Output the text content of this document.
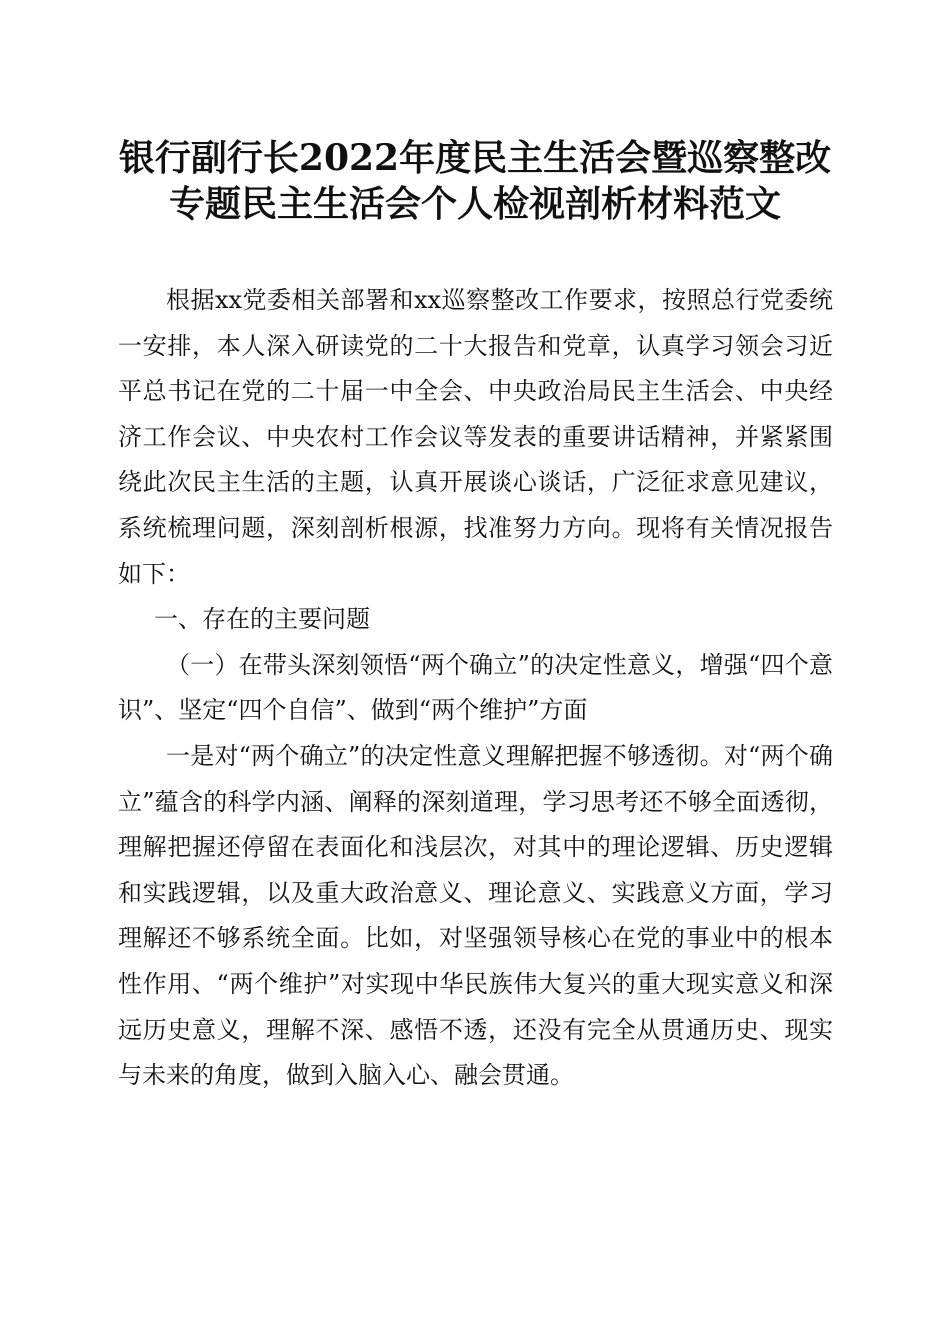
银行副行长2022年度民主生活会暨巡察整改
专题民主生活会个人检视剖析材料范文

根据xx党委相关部署和xx巡察整改工作要求，按照总行党委统一安排，本人深入研读党的二十大报告和党章，认真学习领会习近平总书记在党的二十届一中全会、中央政治局民主生活会、中央经济工作会议、中央农村工作会议等发表的重要讲话精神，并紧紧围绕此次民主生活的主题，认真开展谈心谈话，广泛征求意见建议，系统梳理问题，深刻剖析根源，找准努力方向。现将有关情况报告如下：

一、存在的主要问题

（一）在带头深刻领悟“两个确立”的决定性意义，增强“四个意识”、坚定“四个自信”、做到“两个维护”方面

一是对“两个确立”的决定性意义理解把握不够透彻。对“两个确立”蕴含的科学内涵、阐释的深刻道理，学习思考还不够全面透彻，理解把握还停留在表面化和浅层次，对其中的理论逻辑、历史逻辑和实践逻辑，以及重大政治意义、理论意义、实践意义方面，学习理解还不够系统全面。比如，对坚强领导核心在党的事业中的根本性作用、“两个维护”对实现中华民族伟大复兴的重大现实意义和深远历史意义，理解不深、感悟不透，还没有完全从贯通历史、现实与未来的角度，做到入脑入心、融会贯通。
